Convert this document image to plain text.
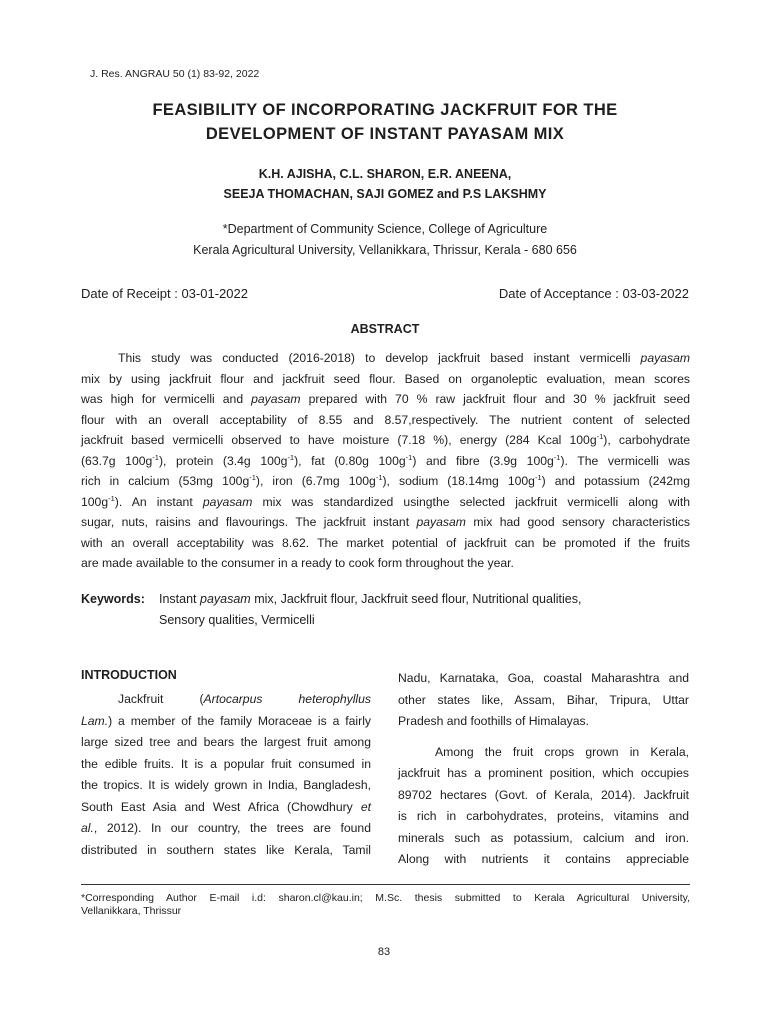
J. Res. ANGRAU 50 (1) 83-92, 2022
FEASIBILITY OF INCORPORATING JACKFRUIT FOR THE
DEVELOPMENT OF INSTANT PAYASAM MIX
K.H. AJISHA, C.L. SHARON, E.R. ANEENA,
SEEJA THOMACHAN, SAJI GOMEZ and P.S LAKSHMY
*Department of Community Science, College of Agriculture
Kerala Agricultural University, Vellanikkara, Thrissur, Kerala - 680 656
Date of Receipt : 03-01-2022	Date of Acceptance : 03-03-2022
ABSTRACT
This study was conducted (2016-2018) to develop jackfruit based instant vermicelli payasam
mix by using jackfruit flour and jackfruit seed flour. Based on organoleptic evaluation, mean scores
was high for vermicelli and payasam prepared with 70 % raw jackfruit flour and 30 % jackfruit seed
flour with an overall acceptability of 8.55 and 8.57,respectively. The nutrient content of selected
jackfruit based vermicelli observed to have moisture (7.18 %), energy (284 Kcal $100g^{-1}$), carbohydrate
(63.7g $100g^{-1}$), protein (3.4g $100g^{-1}$), fat (0.80g $100g^{-1}$) and fibre (3.9g $100g^{-1}$). The vermicelli was
rich in calcium (53mg $100g^{-1}$), iron (6.7mg $100g^{-1}$), sodium (18.14mg $100g^{-1}$) and potassium (242mg
$100g^{-1}$). An instant payasam mix was standardized usingthe selected jackfruit vermicelli along with
sugar, nuts, raisins and flavourings. The jackfruit instant payasam mix had good sensory characteristics
with an overall acceptability was 8.62. The market potential of jackfruit can be promoted if the fruits
are made available to the consumer in a ready to cook form throughout the year.
Keywords: Instant payasam mix, Jackfruit flour, Jackfruit seed flour, Nutritional qualities,
Sensory qualities, Vermicelli
INTRODUCTION
Jackfruit (Artocarpus heterophyllus
Lam.) a member of the family Moraceae is a fairly
large sized tree and bears the largest fruit among
the edible fruits. It is a popular fruit consumed in
the tropics. It is widely grown in India, Bangladesh,
South East Asia and West Africa (Chowdhury et
al., 2012). In our country, the trees are found
distributed in southern states like Kerala, Tamil
Nadu, Karnataka, Goa, coastal Maharashtra and
other states like, Assam, Bihar, Tripura, Uttar
Pradesh and foothills of Himalayas.
Among the fruit crops grown in Kerala,
jackfruit has a prominent position, which occupies
89702 hectares (Govt. of Kerala, 2014). Jackfruit
is rich in carbohydrates, proteins, vitamins and
minerals such as potassium, calcium and iron.
Along with nutrients it contains appreciable
*Corresponding Author E-mail i.d: sharon.cl@kau.in; M.Sc. thesis submitted to Kerala Agricultural University,
Vellanikkara, Thrissur
83
